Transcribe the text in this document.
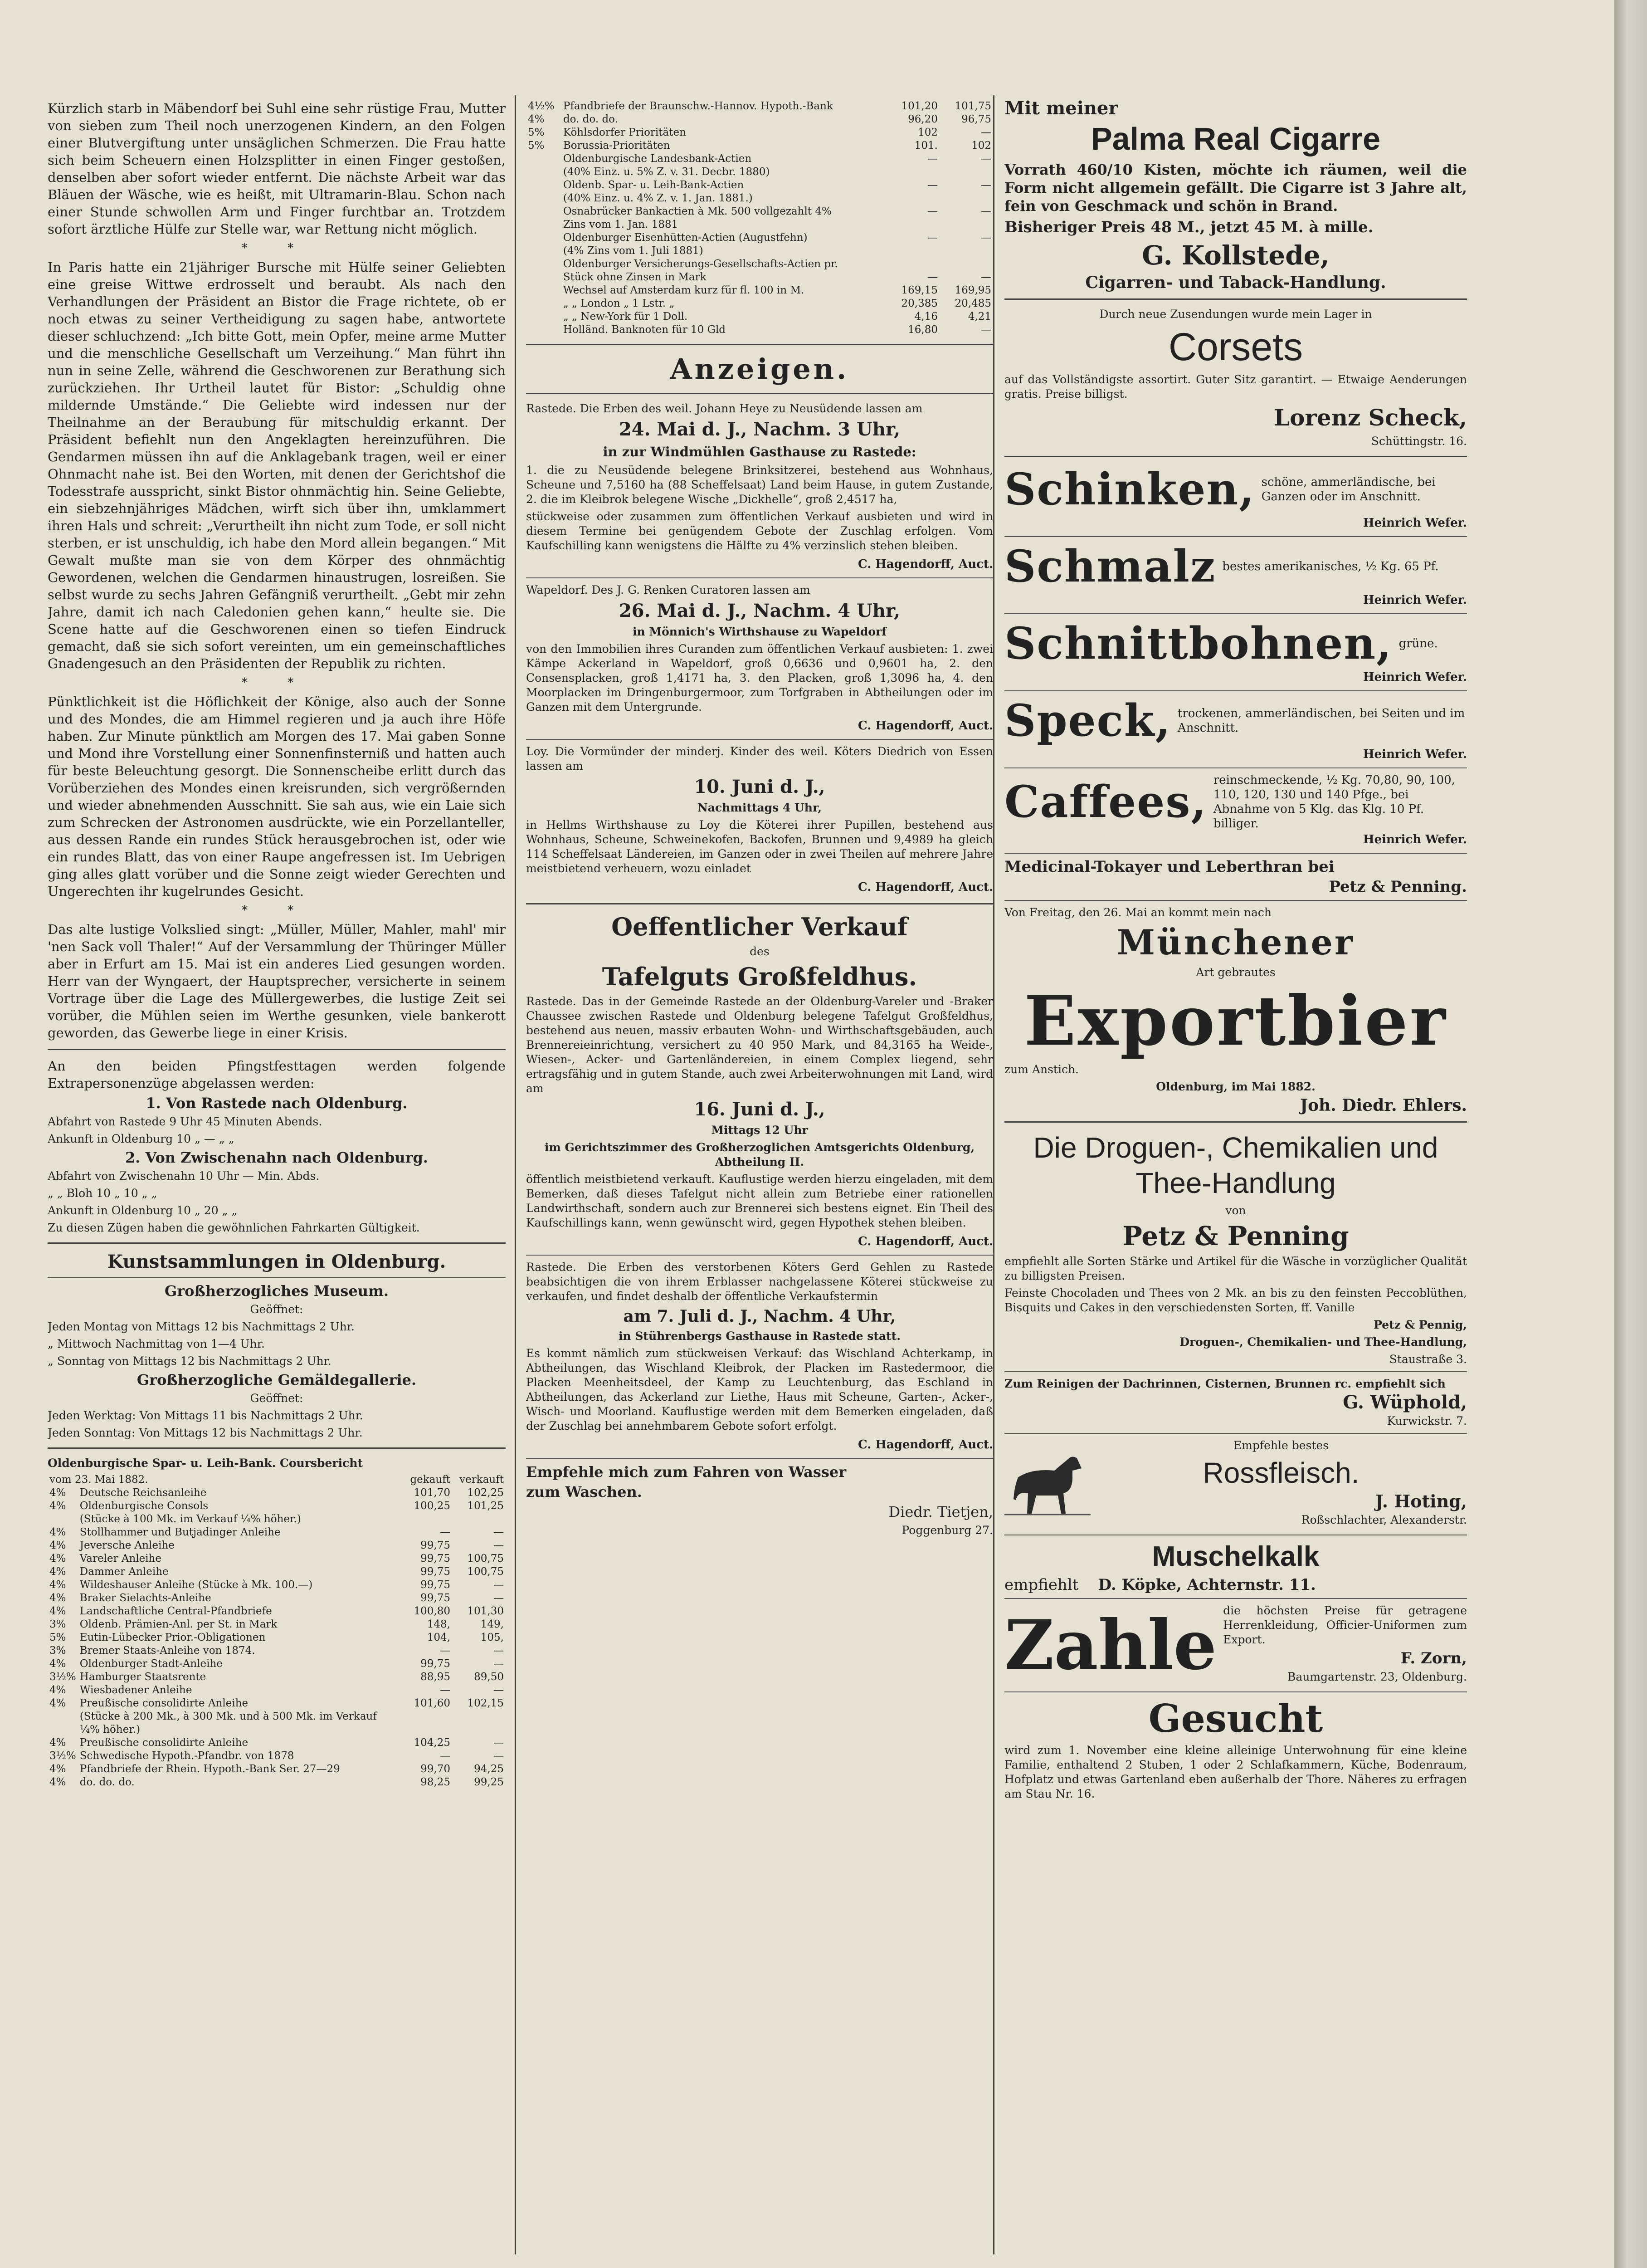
Kürzlich starb in Mäbendorf bei Suhl eine sehr rüstige Frau, Mutter von sieben zum Theil noch unerzogenen Kindern, an den Folgen einer Blutvergiftung unter unsäglichen Schmerzen. Die Frau hatte sich beim Scheuern einen Holzsplitter in einen Finger gestoßen, denselben aber sofort wieder entfernt. Die nächste Arbeit war das Bläuen der Wäsche, wie es heißt, mit Ultramarin-Blau. Schon nach einer Stunde schwollen Arm und Finger furchtbar an. Trotzdem sofort ärztliche Hülfe zur Stelle war, war Rettung nicht möglich.

* *

In Paris hatte ein 21jähriger Bursche mit Hülfe seiner Geliebten eine greise Wittwe erdrosselt und beraubt. Als nach den Verhandlungen der Präsident an Bistor die Frage richtete, ob er noch etwas zu seiner Vertheidigung zu sagen habe, antwortete dieser schluchzend: „Ich bitte Gott, mein Opfer, meine arme Mutter und die menschliche Gesellschaft um Verzeihung.“ Man führt ihn nun in seine Zelle, während die Geschworenen zur Berathung sich zurückziehen. Ihr Urtheil lautet für Bistor: „Schuldig ohne mildernde Umstände.“ Die Geliebte wird indessen nur der Theilnahme an der Beraubung für mitschuldig erkannt. Der Präsident befiehlt nun den Angeklagten hereinzuführen. Die Gendarmen müssen ihn auf die Anklagebank tragen, weil er einer Ohnmacht nahe ist. Bei den Worten, mit denen der Gerichtshof die Todesstrafe ausspricht, sinkt Bistor ohnmächtig hin. Seine Geliebte, ein siebzehnjähriges Mädchen, wirft sich über ihn, umklammert ihren Hals und schreit: „Verurtheilt ihn nicht zum Tode, er soll nicht sterben, er ist unschuldig, ich habe den Mord allein begangen.“ Mit Gewalt mußte man sie von dem Körper des ohnmächtig Gewordenen, welchen die Gendarmen hinaustrugen, losreißen. Sie selbst wurde zu sechs Jahren Gefängniß verurtheilt. „Gebt mir zehn Jahre, damit ich nach Caledonien gehen kann,“ heulte sie. Die Scene hatte auf die Geschworenen einen so tiefen Eindruck gemacht, daß sie sich sofort vereinten, um ein gemeinschaftliches Gnadengesuch an den Präsidenten der Republik zu richten.

* *

Pünktlichkeit ist die Höflichkeit der Könige, also auch der Sonne und des Mondes, die am Himmel regieren und ja auch ihre Höfe haben. Zur Minute pünktlich am Morgen des 17. Mai gaben Sonne und Mond ihre Vorstellung einer Sonnenfinsterniß und hatten auch für beste Beleuchtung gesorgt. Die Sonnenscheibe erlitt durch das Vorüberziehen des Mondes einen kreisrunden, sich vergrößernden und wieder abnehmenden Ausschnitt. Sie sah aus, wie ein Laie sich zum Schrecken der Astronomen ausdrückte, wie ein Porzellanteller, aus dessen Rande ein rundes Stück herausgebrochen ist, oder wie ein rundes Blatt, das von einer Raupe angefressen ist. Im Uebrigen ging alles glatt vorüber und die Sonne zeigt wieder Gerechten und Ungerechten ihr kugelrundes Gesicht.

* *

Das alte lustige Volkslied singt: „Müller, Müller, Mahler, mahl' mir 'nen Sack voll Thaler!“ Auf der Versammlung der Thüringer Müller aber in Erfurt am 15. Mai ist ein anderes Lied gesungen worden. Herr van der Wyngaert, der Hauptsprecher, versicherte in seinem Vortrage über die Lage des Müllergewerbes, die lustige Zeit sei vorüber, die Mühlen seien im Werthe gesunken, viele bankerott geworden, das Gewerbe liege in einer Krisis.

An den beiden Pfingstfesttagen werden folgende Extrapersonenzüge abgelassen werden:

1. Von Rastede nach Oldenburg.

Abfahrt von Rastede 9 Uhr 45 Minuten Abends.

Ankunft in Oldenburg 10 „ — „ „

2. Von Zwischenahn nach Oldenburg.

Abfahrt von Zwischenahn 10 Uhr — Min. Abds.

„ „ Bloh 10 „ 10 „ „

Ankunft in Oldenburg 10 „ 20 „ „

Zu diesen Zügen haben die gewöhnlichen Fahrkarten Gültigkeit.

Kunstsammlungen in Oldenburg.
Großherzogliches Museum.

Geöffnet:

Jeden Montag von Mittags 12 bis Nachmittags 2 Uhr.

„ Mittwoch Nachmittag von 1—4 Uhr.

„ Sonntag von Mittags 12 bis Nachmittags 2 Uhr.

Großherzogliche Gemäldegallerie.

Geöffnet:

Jeden Werktag: Von Mittags 11 bis Nachmittags 2 Uhr.

Jeden Sonntag: Von Mittags 12 bis Nachmittags 2 Uhr.

Oldenburgische Spar- u. Leih-Bank. Coursbericht

vom 23. Mai 1882.		gekauft	verkauft
4%	Deutsche Reichsanleihe	101,70	102,25
4%	Oldenburgische Consols	100,25	101,25
	(Stücke à 100 Mk. im Verkauf ¼% höher.)		
4%	Stollhammer und Butjadinger Anleihe	—	—
4%	Jeversche Anleihe	99,75	—
4%	Vareler Anleihe	99,75	100,75
4%	Dammer Anleihe	99,75	100,75
4%	Wildeshauser Anleihe (Stücke à Mk. 100.—)	99,75	—
4%	Braker Sielachts-Anleihe	99,75	—
4%	Landschaftliche Central-Pfandbriefe	100,80	101,30
3%	Oldenb. Prämien-Anl. per St. in Mark	148,	149,
5%	Eutin-Lübecker Prior.-Obligationen	104,	105,
3%	Bremer Staats-Anleihe von 1874.	—	—
4%	Oldenburger Stadt-Anleihe	99,75	—
3½%	Hamburger Staatsrente	88,95	89,50
4%	Wiesbadener Anleihe	—	—
4%	Preußische consolidirte Anleihe	101,60	102,15
	(Stücke à 200 Mk., à 300 Mk. und à 500 Mk. im Verkauf ¼% höher.)		
4%	Preußische consolidirte Anleihe	104,25	—
3½%	Schwedische Hypoth.-Pfandbr. von 1878	—	—
4%	Pfandbriefe der Rhein. Hypoth.-Bank Ser. 27—29	99,70	94,25
4%	do. do. do.	98,25	99,25
4½%	Pfandbriefe der Braunschw.-Hannov. Hypoth.-Bank	101,20	101,75
4%	do. do. do.	96,20	96,75
5%	Köhlsdorfer Prioritäten	102	—
5%	Borussia-Prioritäten	101.	102
	Oldenburgische Landesbank-Actien	—	—
	(40% Einz. u. 5% Z. v. 31. Decbr. 1880)		
	Oldenb. Spar- u. Leih-Bank-Actien	—	—
	(40% Einz. u. 4% Z. v. 1. Jan. 1881.)		
	Osnabrücker Bankactien à Mk. 500 vollgezahlt 4%	—	—
	Zins vom 1. Jan. 1881		
	Oldenburger Eisenhütten-Actien (Augustfehn)	—	—
	(4% Zins vom 1. Juli 1881)		
	Oldenburger Versicherungs-Gesellschafts-Actien pr.		
	Stück ohne Zinsen in Mark	—	—
	Wechsel auf Amsterdam kurz für fl. 100 in M.	169,15	169,95
	„ „ London „ 1 Lstr. „	20,385	20,485
	„ „ New-York für 1 Doll.	4,16	4,21
	Holländ. Banknoten für 10 Gld	16,80	—
Anzeigen.

Rastede. Die Erben des weil. Johann Heye zu Neusüdende lassen am

24. Mai d. J., Nachm. 3 Uhr,

in zur Windmühlen Gasthause zu Rastede:

1. die zu Neusüdende belegene Brinksitzerei, bestehend aus Wohnhaus, Scheune und 7,5160 ha (88 Scheffelsaat) Land beim Hause, in gutem Zustande, 2. die im Kleibrok belegene Wische „Dickhelle“, groß 2,4517 ha,

stückweise oder zusammen zum öffentlichen Verkauf ausbieten und wird in diesem Termine bei genügendem Gebote der Zuschlag erfolgen. Vom Kaufschilling kann wenigstens die Hälfte zu 4% verzinslich stehen bleiben.

C. Hagendorff, Auct.

Wapeldorf. Des J. G. Renken Curatoren lassen am

26. Mai d. J., Nachm. 4 Uhr,

in Mönnich's Wirthshause zu Wapeldorf

von den Immobilien ihres Curanden zum öffentlichen Verkauf ausbieten: 1. zwei Kämpe Ackerland in Wapeldorf, groß 0,6636 und 0,9601 ha, 2. den Consensplacken, groß 1,4171 ha, 3. den Placken, groß 1,3096 ha, 4. den Moorplacken im Dringenburgermoor, zum Torfgraben in Abtheilungen oder im Ganzen mit dem Untergrunde.

C. Hagendorff, Auct.

Loy. Die Vormünder der minderj. Kinder des weil. Köters Diedrich von Essen lassen am

10. Juni d. J.,

Nachmittags 4 Uhr,

in Hellms Wirthshause zu Loy die Köterei ihrer Pupillen, bestehend aus Wohnhaus, Scheune, Schweinekofen, Backofen, Brunnen und 9,4989 ha gleich 114 Scheffelsaat Ländereien, im Ganzen oder in zwei Theilen auf mehrere Jahre meistbietend verheuern, wozu einladet

C. Hagendorff, Auct.

Oeffentlicher Verkauf

des

Tafelguts Großfeldhus.

Rastede. Das in der Gemeinde Rastede an der Oldenburg-Vareler und -Braker Chaussee zwischen Rastede und Oldenburg belegene Tafelgut Großfeldhus, bestehend aus neuen, massiv erbauten Wohn- und Wirthschaftsgebäuden, auch Brennereieinrichtung, versichert zu 40 950 Mark, und 84,3165 ha Weide-, Wiesen-, Acker- und Gartenländereien, in einem Complex liegend, sehr ertragsfähig und in gutem Stande, auch zwei Arbeiterwohnungen mit Land, wird am

16. Juni d. J.,

Mittags 12 Uhr

im Gerichtszimmer des Großherzoglichen Amtsgerichts Oldenburg, Abtheilung II.

öffentlich meistbietend verkauft. Kauflustige werden hierzu eingeladen, mit dem Bemerken, daß dieses Tafelgut nicht allein zum Betriebe einer rationellen Landwirthschaft, sondern auch zur Brennerei sich bestens eignet. Ein Theil des Kaufschillings kann, wenn gewünscht wird, gegen Hypothek stehen bleiben.

C. Hagendorff, Auct.

Rastede. Die Erben des verstorbenen Köters Gerd Gehlen zu Rastede beabsichtigen die von ihrem Erblasser nachgelassene Köterei stückweise zu verkaufen, und findet deshalb der öffentliche Verkaufstermin

am 7. Juli d. J., Nachm. 4 Uhr,

in Stührenbergs Gasthause in Rastede statt.

Es kommt nämlich zum stückweisen Verkauf: das Wischland Achterkamp, in Abtheilungen, das Wischland Kleibrok, der Placken im Rastedermoor, die Placken Meenheitsdeel, der Kamp zu Leuchtenburg, das Eschland in Abtheilungen, das Ackerland zur Liethe, Haus mit Scheune, Garten-, Acker-, Wisch- und Moorland. Kauflustige werden mit dem Bemerken eingeladen, daß der Zuschlag bei annehmbarem Gebote sofort erfolgt.

C. Hagendorff, Auct.

Empfehle mich zum Fahren von Wasser

zum Waschen.

Diedr. Tietjen,

Poggenburg 27.

Mit meiner

Palma Real Cigarre

Vorrath 460/10 Kisten, möchte ich räumen, weil die Form nicht allgemein gefällt. Die Cigarre ist 3 Jahre alt, fein von Geschmack und schön in Brand.

Bisheriger Preis 48 M., jetzt 45 M. à mille.

G. Kollstede,

Cigarren- und Taback-Handlung.

Durch neue Zusendungen wurde mein Lager in

Corsets

auf das Vollständigste assortirt. Guter Sitz garantirt. — Etwaige Aenderungen gratis. Preise billigst.

Lorenz Scheck,

Schüttingstr. 16.

Schinken, schöne, ammerländische, bei Ganzen oder im Anschnitt.

Heinrich Wefer.

Schmalz bestes amerikanisches, ½ Kg. 65 Pf.

Heinrich Wefer.

Schnittbohnen, grüne.

Heinrich Wefer.

Speck, trockenen, ammerländischen, bei Seiten und im Anschnitt.

Heinrich Wefer.

Caffees, reinschmeckende, ½ Kg. 70,80, 90, 100, 110, 120, 130 und 140 Pfge., bei Abnahme von 5 Klg. das Klg. 10 Pf. billiger.

Heinrich Wefer.

Medicinal-Tokayer und Leberthran bei

Petz & Penning.

Von Freitag, den 26. Mai an kommt mein nach

Münchener

Art gebrautes

Exportbier

zum Anstich.

Oldenburg, im Mai 1882.

Joh. Diedr. Ehlers.

Die Droguen-, Chemikalien und Thee-Handlung

von

Petz & Penning

empfiehlt alle Sorten Stärke und Artikel für die Wäsche in vorzüglicher Qualität zu billigsten Preisen.

Feinste Chocoladen und Thees von 2 Mk. an bis zu den feinsten Peccoblüthen, Bisquits und Cakes in den verschiedensten Sorten, ff. Vanille

Petz & Pennig,

Droguen-, Chemikalien- und Thee-Handlung,

Staustraße 3.

Zum Reinigen der Dachrinnen, Cisternen, Brunnen rc. empfiehlt sich

G. Wüphold,

Kurwickstr. 7.

Empfehle bestes

Rossfleisch.

J. Hoting,

Roßschlachter, Alexanderstr.

Muschelkalk

empfiehlt D. Köpke, Achternstr. 11.

Zahle die höchsten Preise für getragene Herrenkleidung, Officier-Uniformen zum Export.

F. Zorn,

Baumgartenstr. 23, Oldenburg.

Gesucht

wird zum 1. November eine kleine alleinige Unterwohnung für eine kleine Familie, enthaltend 2 Stuben, 1 oder 2 Schlafkammern, Küche, Bodenraum, Hofplatz und etwas Gartenland eben außerhalb der Thore. Näheres zu erfragen am Stau Nr. 16.
